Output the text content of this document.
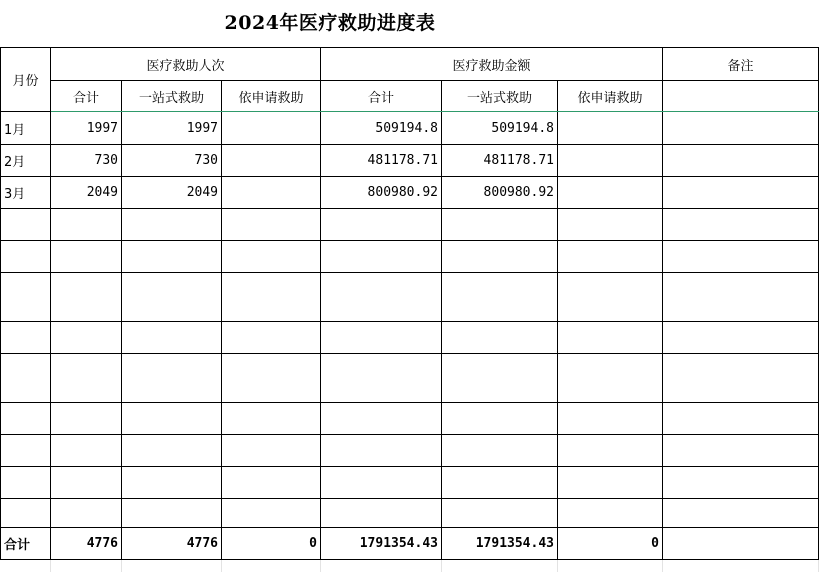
2024年医疗救助进度表
月份	医疗救助人次			医疗救助金额			备注
	合计	一站式救助	依申请救助	合计	一站式救助	依申请救助	
1月	1997	1997		509194.8	509194.8		
2月	730	730		481178.71	481178.71		
3月	2049	2049		800980.92	800980.92		

合计	4776	4776	0	1791354.43	1791354.43	0	
